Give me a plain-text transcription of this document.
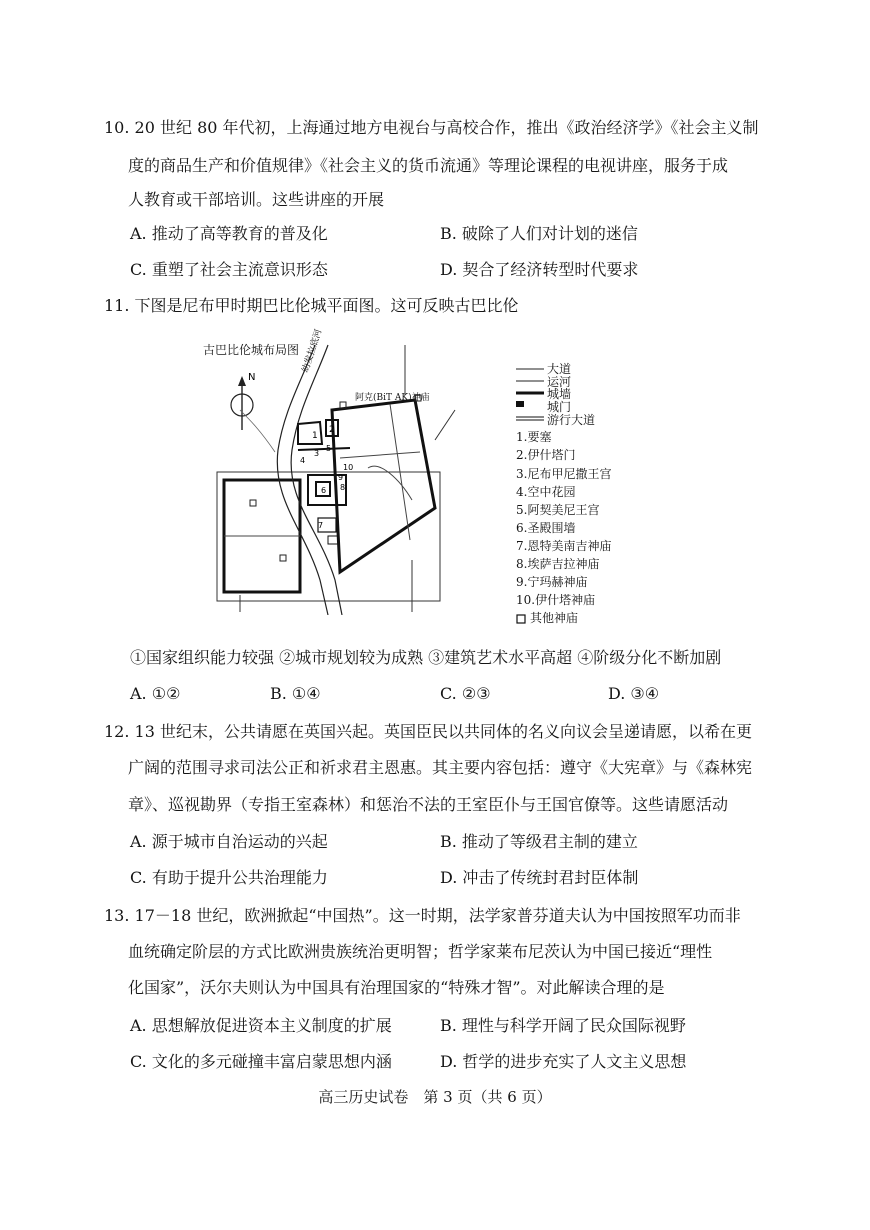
10. 20 世纪 80 年代初，上海通过地方电视台与高校合作，推出《政治经济学》《社会主义制
度的商品生产和价值规律》《社会主义的货币流通》等理论课程的电视讲座，服务于成
人教育或干部培训。这些讲座的开展
A. 推动了高等教育的普及化	B. 破除了人们对计划的迷信
C. 重塑了社会主流意识形态	D. 契合了经济转型时代要求
11. 下图是尼布甲时期巴比伦城平面图。这可反映古巴比伦
古巴比伦城布局图
N
1
2
3
4
5
6
7
8
9
10
幼发拉底河
阿克(BiT AK)神庙
大道
运河
城墙
城门
游行大道
1.要塞
2.伊什塔门
3.尼布甲尼撒王宫
4.空中花园
5.阿契美尼王宫
6.圣殿围墙
7.恩特美南吉神庙
8.埃萨吉拉神庙
9.宁玛赫神庙
10.伊什塔神庙
其他神庙
①国家组织能力较强 ②城市规划较为成熟 ③建筑艺术水平高超 ④阶级分化不断加剧
A. ①②	B. ①④	C. ②③	D. ③④
12. 13 世纪末，公共请愿在英国兴起。英国臣民以共同体的名义向议会呈递请愿，以希在更
广阔的范围寻求司法公正和祈求君主恩惠。其主要内容包括：遵守《大宪章》与《森林宪
章》、巡视勘界（专指王室森林）和惩治不法的王室臣仆与王国官僚等。这些请愿活动
A. 源于城市自治运动的兴起	B. 推动了等级君主制的建立
C. 有助于提升公共治理能力	D. 冲击了传统封君封臣体制
13. 17－18 世纪，欧洲掀起“中国热”。这一时期，法学家普芬道夫认为中国按照军功而非
血统确定阶层的方式比欧洲贵族统治更明智；哲学家莱布尼茨认为中国已接近“理性
化国家”，沃尔夫则认为中国具有治理国家的“特殊才智”。对此解读合理的是
A. 思想解放促进资本主义制度的扩展	B. 理性与科学开阔了民众国际视野
C. 文化的多元碰撞丰富启蒙思想内涵	D. 哲学的进步充实了人文主义思想
高三历史试卷　第 3 页（共 6 页）
